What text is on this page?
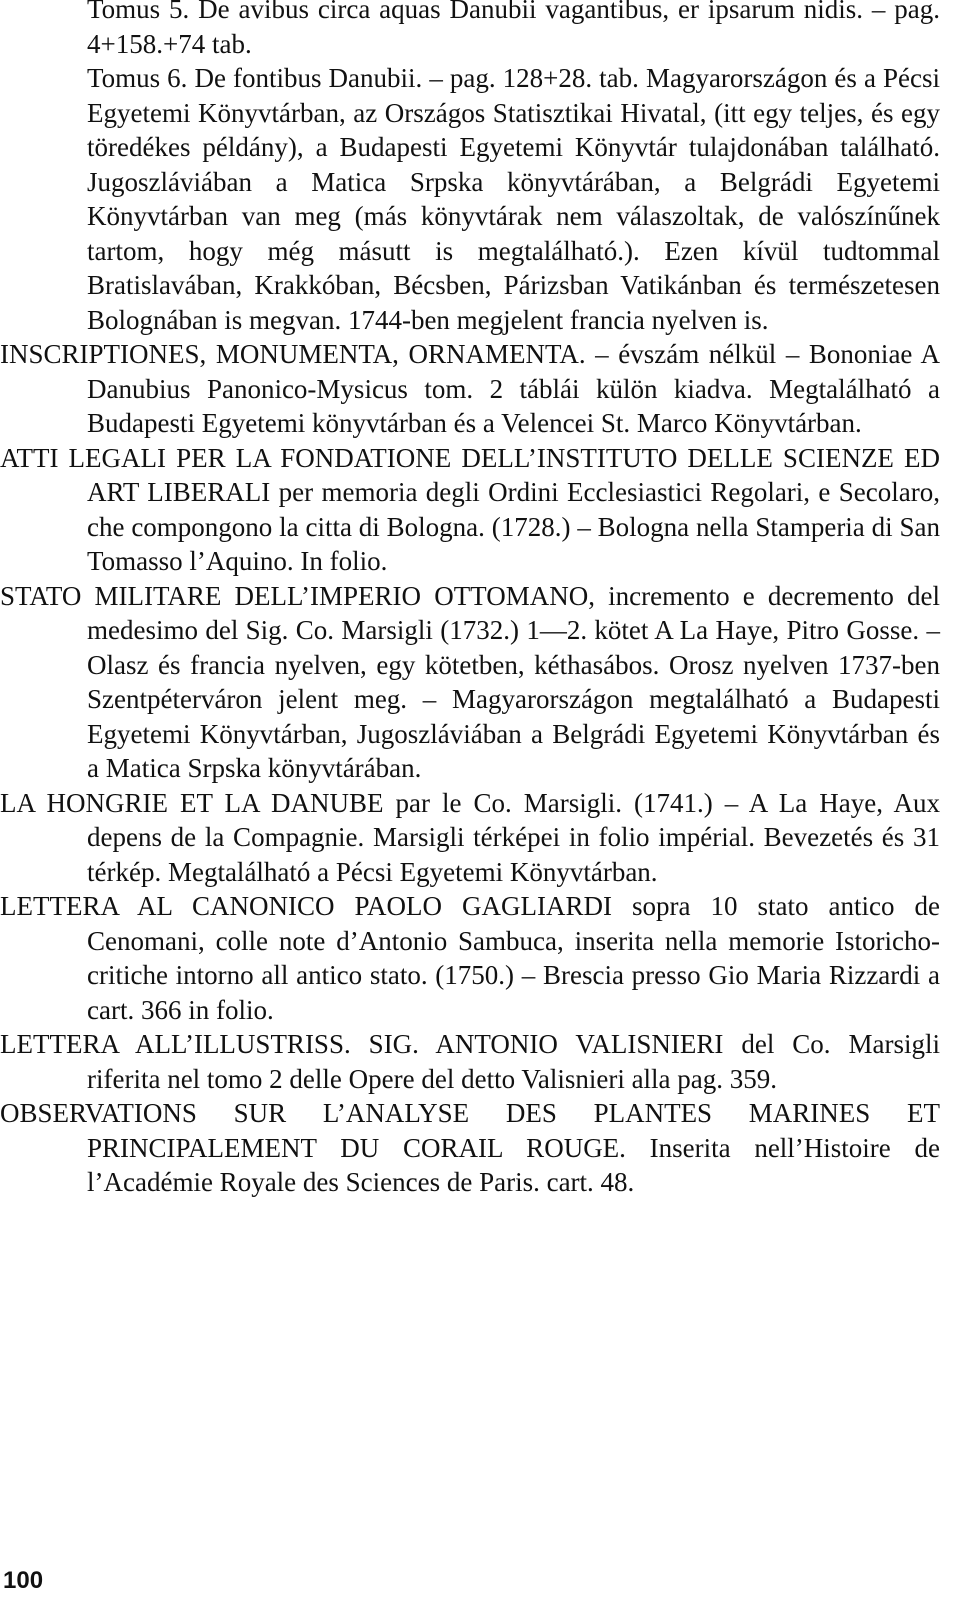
Tomus 5. De avibus circa aquas Danubii vagantibus, er ipsarum nidis. – pag. 4+158.+74 tab.

Tomus 6. De fontibus Danubii. – pag. 128+28. tab. Magyarországon és a Pécsi Egyetemi Könyvtárban, az Országos Statisztikai Hivatal, (itt egy teljes, és egy töredékes példány), a Budapesti Egyetemi Könyvtár tulajdonában található. Jugoszláviában a Matica Srpska könyvtárában, a Belgrádi Egyetemi Könyvtárban van meg (más könyvtárak nem válaszoltak, de valószínűnek tartom, hogy még másutt is megtalálható.). Ezen kívül tudtommal Bratislavában, Krakkóban, Bécsben, Párizsban Vatikánban és természetesen Bolognában is megvan. 1744-ben megjelent francia nyelven is.

INSCRIPTIONES, MONUMENTA, ORNAMENTA. – évszám nélkül – Bononiae A Danubius Panonico-Mysicus tom. 2 táblái külön kiadva. Megtalálható a Budapesti Egyetemi könyvtárban és a Velencei St. Marco Könyvtárban.

ATTI LEGALI PER LA FONDATIONE DELL’INSTITUTO DELLE SCIENZE ED ART LIBERALI per memoria degli Ordini Ecclesiastici Regolari, e Secolaro, che compongono la citta di Bologna. (1728.) – Bologna nella Stamperia di San Tomasso l’Aquino. In folio.

STATO MILITARE DELL’IMPERIO OTTOMANO, incremento e decremento del medesimo del Sig. Co. Marsigli (1732.) 1—2. kötet A La Haye, Pitro Gosse. – Olasz és francia nyelven, egy kötetben, kéthasábos. Orosz nyelven 1737-ben Szentpéterváron jelent meg. – Magyarországon megtalálható a Budapesti Egyetemi Könyvtárban, Jugoszláviában a Belgrádi Egyetemi Könyvtárban és a Matica Srpska könyvtárában.

LA HONGRIE ET LA DANUBE par le Co. Marsigli. (1741.) – A La Haye, Aux depens de la Compagnie. Marsigli térképei in folio impérial. Bevezetés és 31 térkép. Megtalálható a Pécsi Egyetemi Könyvtárban.

LETTERA AL CANONICO PAOLO GAGLIARDI sopra 10 stato antico de Cenomani, colle note d’Antonio Sambuca, inserita nella memorie Istoricho-critiche intorno all antico stato. (1750.) – Brescia presso Gio Maria Rizzardi a cart. 366 in folio.

LETTERA ALL’ILLUSTRISS. SIG. ANTONIO VALISNIERI del Co. Marsigli riferita nel tomo 2 delle Opere del detto Valisnieri alla pag. 359.

OBSERVATIONS SUR L’ANALYSE DES PLANTES MARINES ET PRINCIPALEMENT DU CORAIL ROUGE. Inserita nell’Histoire de l’Académie Royale des Sciences de Paris. cart. 48.

100
